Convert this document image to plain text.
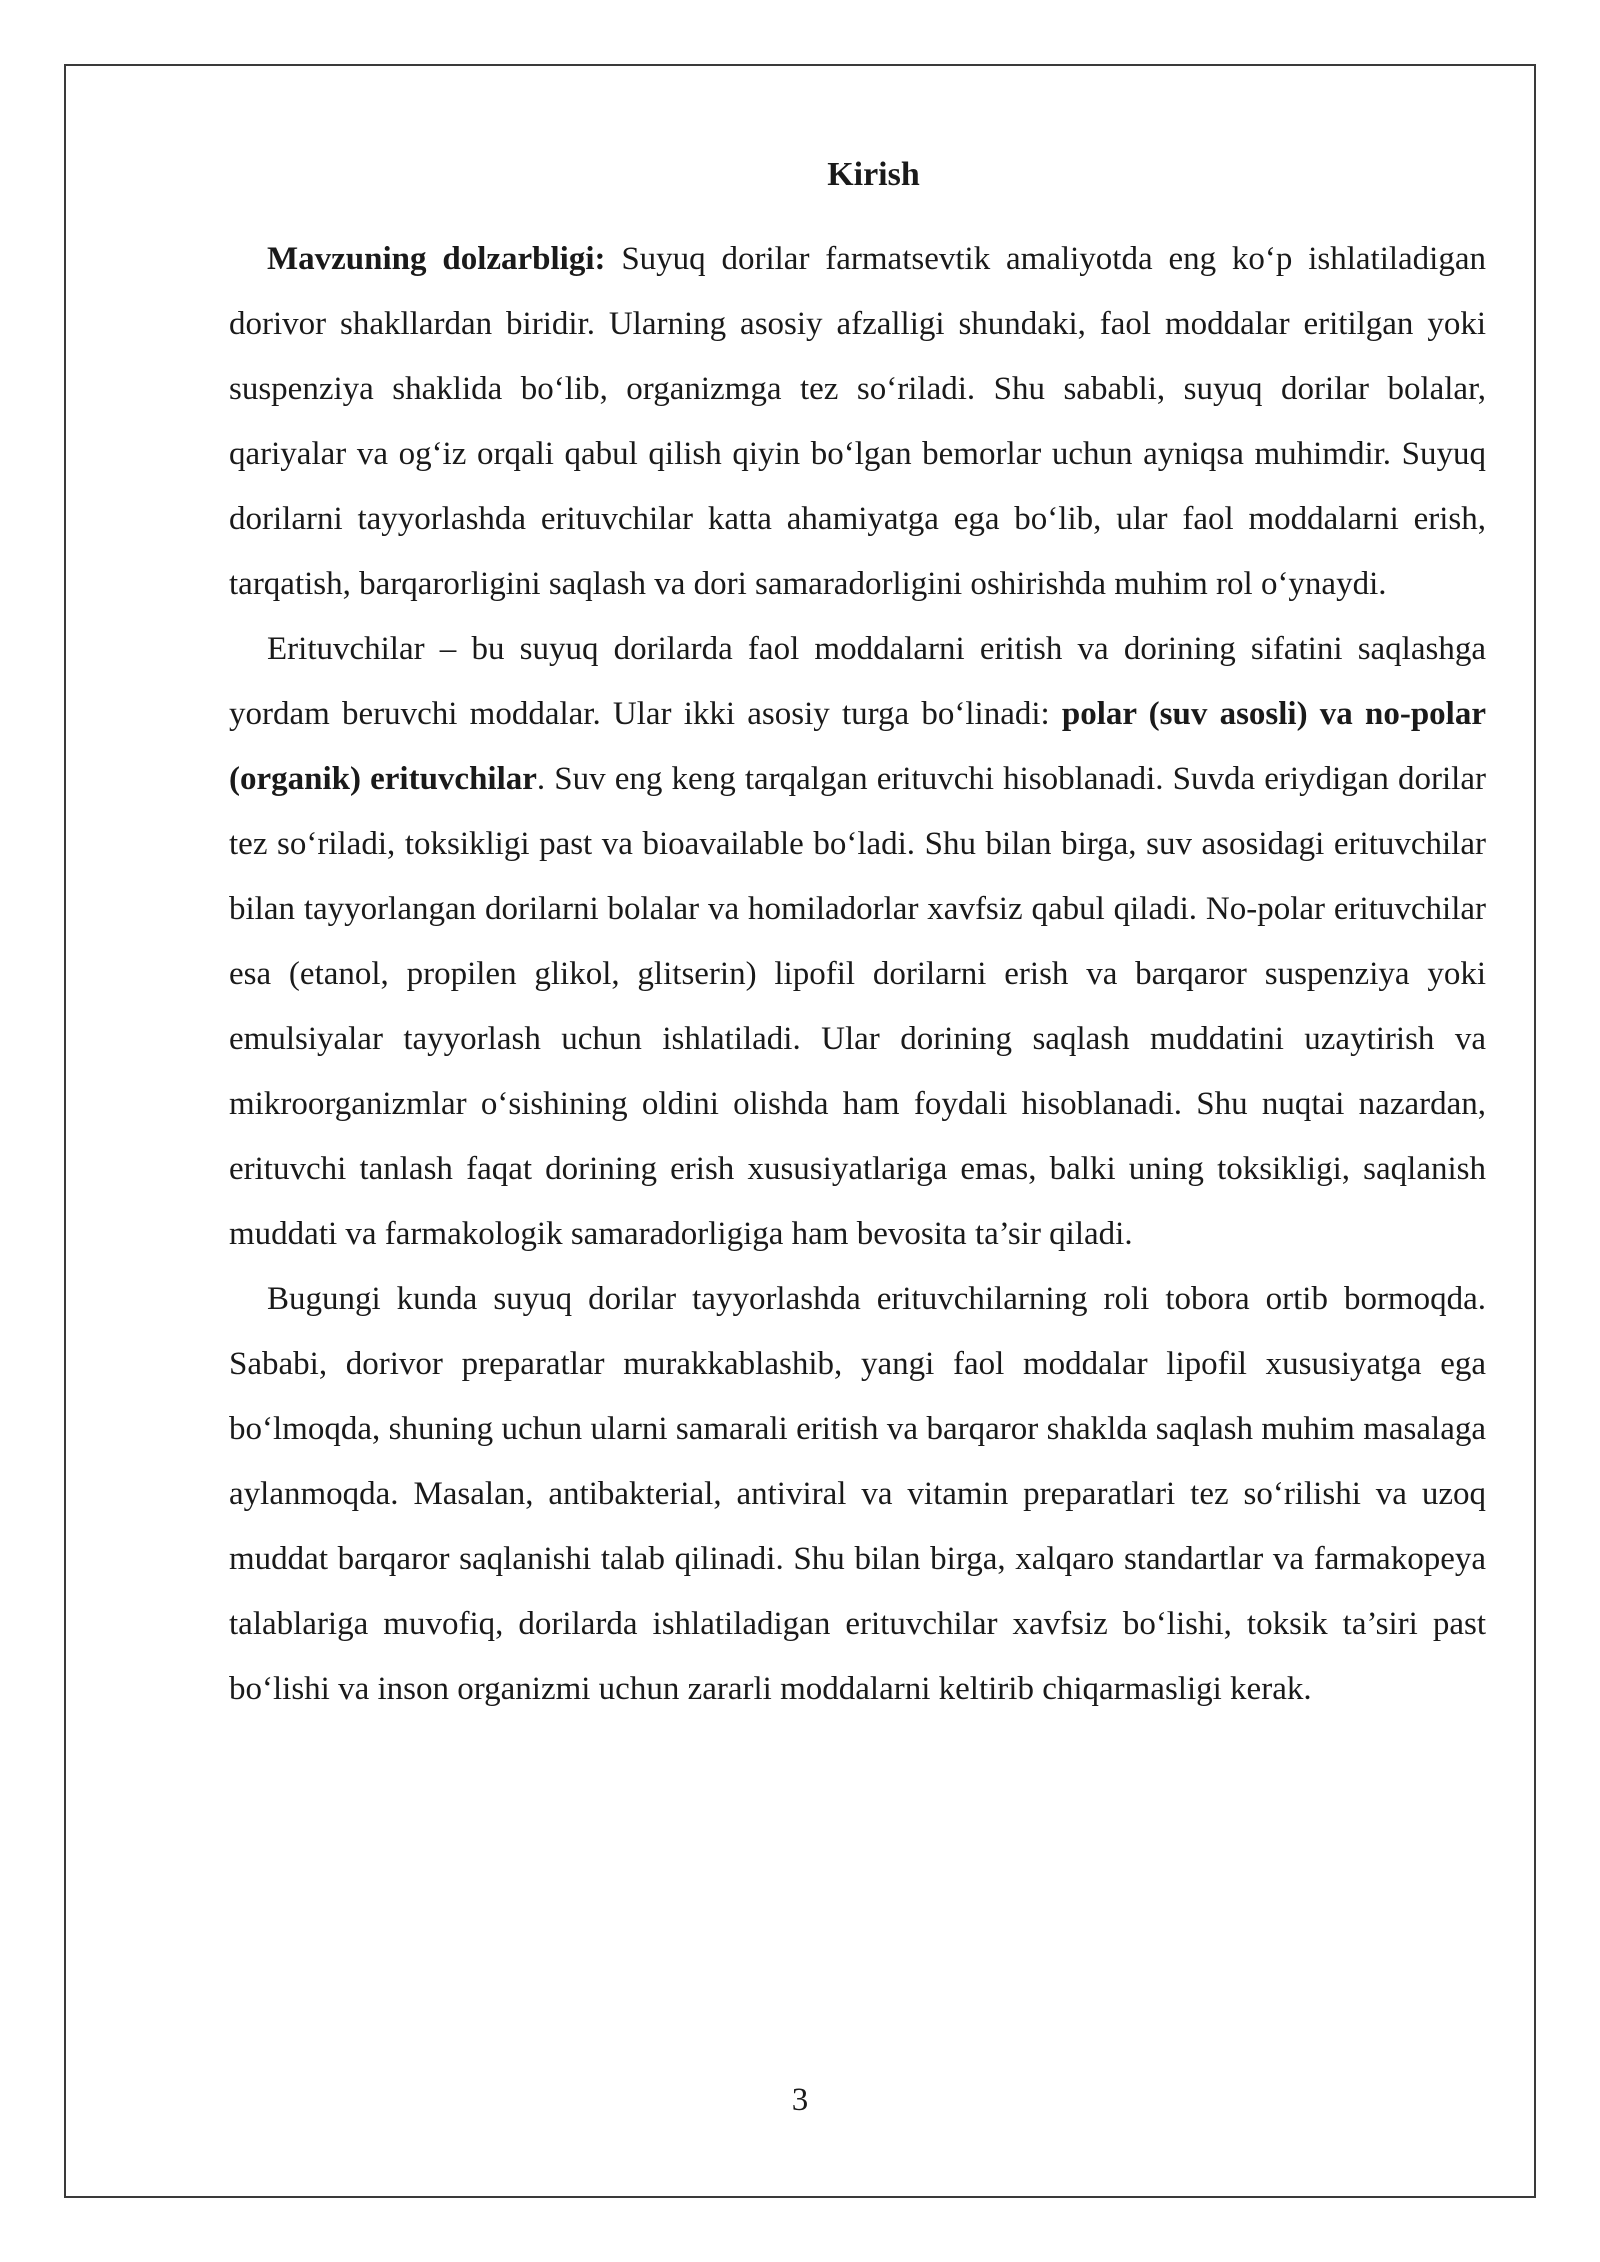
Kirish

Mavzuning dolzarbligi: Suyuq dorilar farmatsevtik amaliyotda eng ko‘p ishlatiladigan dorivor shakllardan biridir. Ularning asosiy afzalligi shundaki, faol moddalar eritilgan yoki suspenziya shaklida bo‘lib, organizmga tez so‘riladi. Shu sababli, suyuq dorilar bolalar, qariyalar va og‘iz orqali qabul qilish qiyin bo‘lgan bemorlar uchun ayniqsa muhimdir. Suyuq dorilarni tayyorlashda erituvchilar katta ahamiyatga ega bo‘lib, ular faol moddalarni erish, tarqatish, barqarorligini saqlash va dori samaradorligini oshirishda muhim rol o‘ynaydi.

Erituvchilar – bu suyuq dorilarda faol moddalarni eritish va dorining sifatini saqlashga yordam beruvchi moddalar. Ular ikki asosiy turga bo‘linadi: polar (suv asosli) va no-polar (organik) erituvchilar. Suv eng keng tarqalgan erituvchi hisoblanadi. Suvda eriydigan dorilar tez so‘riladi, toksikligi past va bioavailable bo‘ladi. Shu bilan birga, suv asosidagi erituvchilar bilan tayyorlangan dorilarni bolalar va homiladorlar xavfsiz qabul qiladi. No-polar erituvchilar esa (etanol, propilen glikol, glitserin) lipofil dorilarni erish va barqaror suspenziya yoki emulsiyalar tayyorlash uchun ishlatiladi. Ular dorining saqlash muddatini uzaytirish va mikroorganizmlar o‘sishining oldini olishda ham foydali hisoblanadi. Shu nuqtai nazardan, erituvchi tanlash faqat dorining erish xususiyatlariga emas, balki uning toksikligi, saqlanish muddati va farmakologik samaradorligiga ham bevosita ta’sir qiladi.

Bugungi kunda suyuq dorilar tayyorlashda erituvchilarning roli tobora ortib bormoqda. Sababi, dorivor preparatlar murakkablashib, yangi faol moddalar lipofil xususiyatga ega bo‘lmoqda, shuning uchun ularni samarali eritish va barqaror shaklda saqlash muhim masalaga aylanmoqda. Masalan, antibakterial, antiviral va vitamin preparatlari tez so‘rilishi va uzoq muddat barqaror saqlanishi talab qilinadi. Shu bilan birga, xalqaro standartlar va farmakopeya talablariga muvofiq, dorilarda ishlatiladigan erituvchilar xavfsiz bo‘lishi, toksik ta’siri past bo‘lishi va inson organizmi uchun zararli moddalarni keltirib chiqarmasligi kerak.

3
